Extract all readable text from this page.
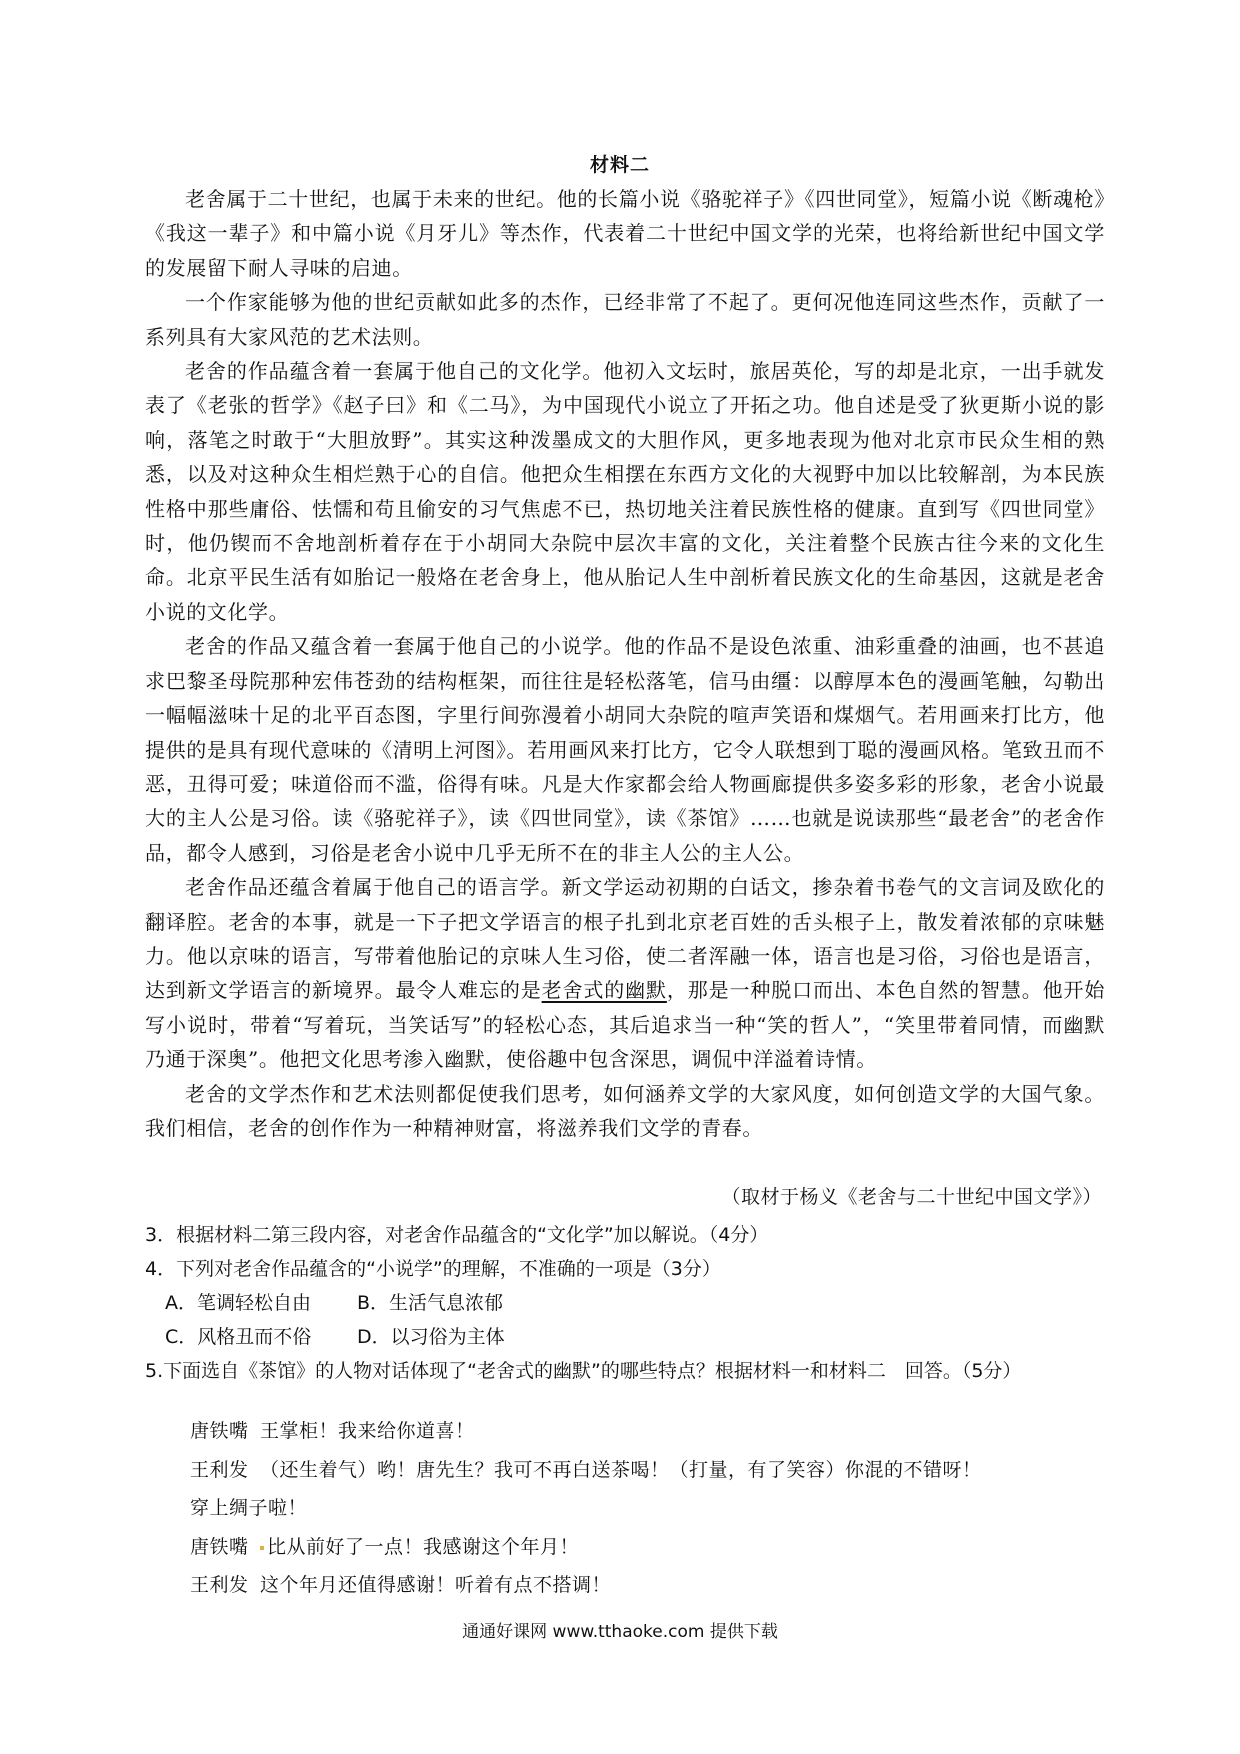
材料二

老舍属于二十世纪，也属于未来的世纪。他的长篇小说《骆驼祥子》《四世同堂》，短篇小说《断魂枪》《我这一辈子》和中篇小说《月牙儿》等杰作，代表着二十世纪中国文学的光荣，也将给新世纪中国文学的发展留下耐人寻味的启迪。

一个作家能够为他的世纪贡献如此多的杰作，已经非常了不起了。更何况他连同这些杰作，贡献了一系列具有大家风范的艺术法则。

老舍的作品蕴含着一套属于他自己的文化学。他初入文坛时，旅居英伦，写的却是北京，一出手就发表了《老张的哲学》《赵子曰》和《二马》，为中国现代小说立了开拓之功。他自述是受了狄更斯小说的影响，落笔之时敢于“大胆放野”。其实这种泼墨成文的大胆作风，更多地表现为他对北京市民众生相的熟悉，以及对这种众生相烂熟于心的自信。他把众生相摆在东西方文化的大视野中加以比较解剖，为本民族性格中那些庸俗、怯懦和苟且偷安的习气焦虑不已，热切地关注着民族性格的健康。直到写《四世同堂》时，他仍锲而不舍地剖析着存在于小胡同大杂院中层次丰富的文化，关注着整个民族古往今来的文化生命。北京平民生活有如胎记一般烙在老舍身上，他从胎记人生中剖析着民族文化的生命基因，这就是老舍小说的文化学。

老舍的作品又蕴含着一套属于他自己的小说学。他的作品不是设色浓重、油彩重叠的油画，也不甚追求巴黎圣母院那种宏伟苍劲的结构框架，而往往是轻松落笔，信马由缰：以醇厚本色的漫画笔触，勾勒出一幅幅滋味十足的北平百态图，字里行间弥漫着小胡同大杂院的喧声笑语和煤烟气。若用画来打比方，他提供的是具有现代意味的《清明上河图》。若用画风来打比方，它令人联想到丁聪的漫画风格。笔致丑而不恶，丑得可爱；味道俗而不滥，俗得有味。凡是大作家都会给人物画廊提供多姿多彩的形象，老舍小说最大的主人公是习俗。读《骆驼祥子》，读《四世同堂》，读《茶馆》……也就是说读那些“最老舍”的老舍作品，都令人感到，习俗是老舍小说中几乎无所不在的非主人公的主人公。

老舍作品还蕴含着属于他自己的语言学。新文学运动初期的白话文，掺杂着书卷气的文言词及欧化的翻译腔。老舍的本事，就是一下子把文学语言的根子扎到北京老百姓的舌头根子上，散发着浓郁的京味魅力。他以京味的语言，写带着他胎记的京味人生习俗，使二者浑融一体，语言也是习俗，习俗也是语言，达到新文学语言的新境界。最令人难忘的是老舍式的幽默，那是一种脱口而出、本色自然的智慧。他开始写小说时，带着“写着玩，当笑话写”的轻松心态，其后追求当一种“笑的哲人”，“笑里带着同情，而幽默乃通于深奥”。他把文化思考渗入幽默，使俗趣中包含深思，调侃中洋溢着诗情。

老舍的文学杰作和艺术法则都促使我们思考，如何涵养文学的大家风度，如何创造文学的大国气象。我们相信，老舍的创作作为一种精神财富，将滋养我们文学的青春。

（取材于杨义《老舍与二十世纪中国文学》）

3．根据材料二第三段内容，对老舍作品蕴含的“文化学”加以解说。（4分）

4．下列对老舍作品蕴含的“小说学”的理解，不准确的一项是（3分）

A．笔调轻松自由 B．生活气息浓郁

C．风格丑而不俗 D．以习俗为主体

5.下面选自《茶馆》的人物对话体现了“老舍式的幽默”的哪些特点？根据材料一和材料二　回答。（5分）

唐铁嘴 王掌柜！我来给你道喜！

王利发 （还生着气）哟！唐先生？我可不再白送茶喝！（打量，有了笑容）你混的不错呀！

穿上绸子啦！

唐铁嘴 比从前好了一点！我感谢这个年月！

王利发 这个年月还值得感谢！听着有点不搭调！

通通好课网 www.tthaoke.com 提供下载
